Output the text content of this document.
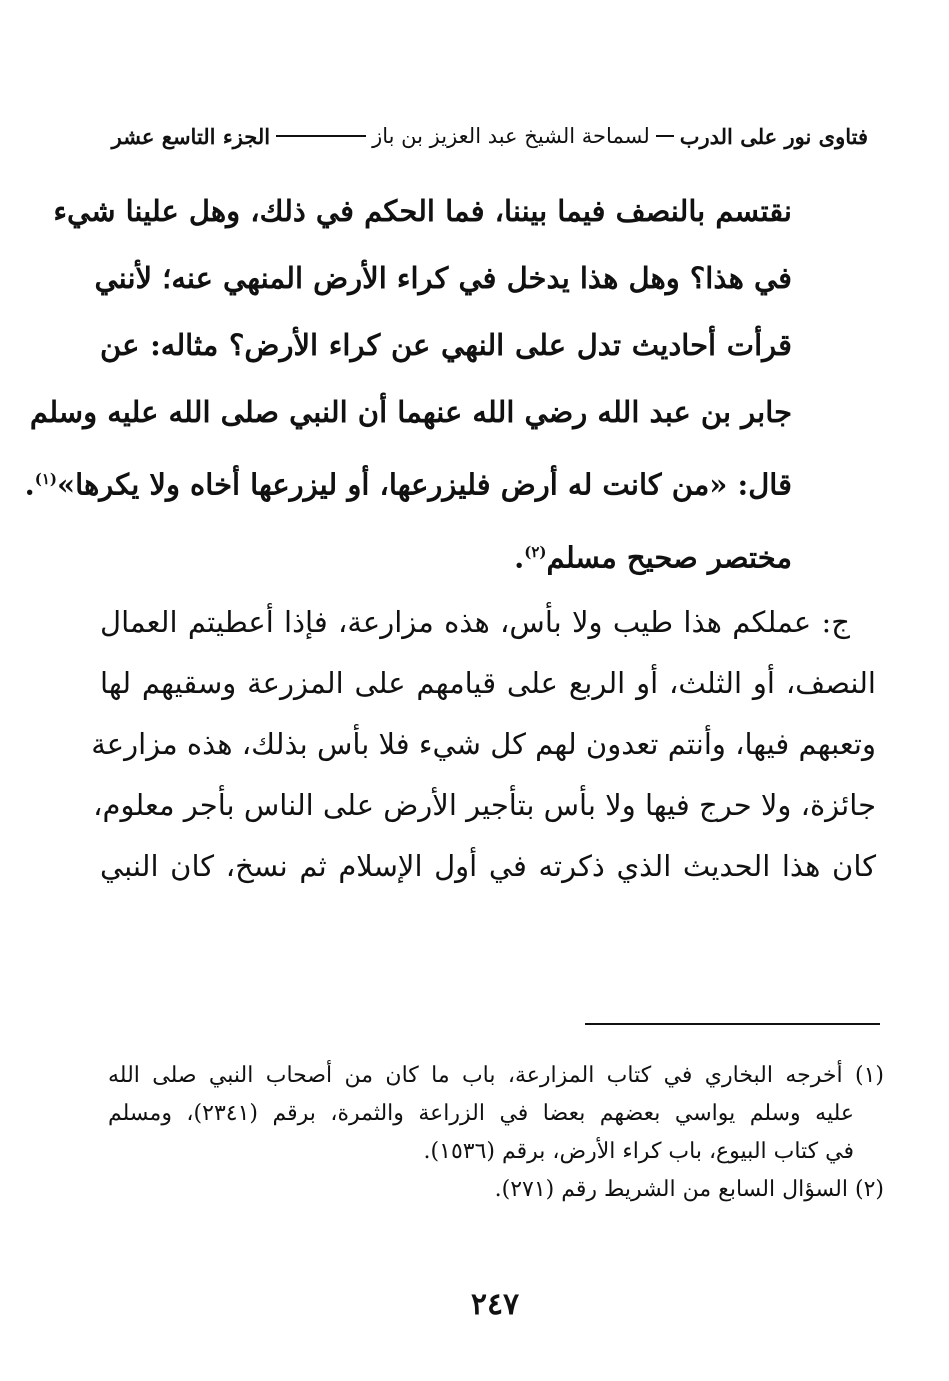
فتاوى نور على الدرب
لسماحة الشيخ عبد العزيز بن باز
الجزء التاسع عشر
نقتسم بالنصف فيما بيننا، فما الحكم في ذلك، وهل علينا شيء
في هذا؟ وهل هذا يدخل في كراء الأرض المنهي عنه؛ لأنني
قرأت أحاديث تدل على النهي عن كراء الأرض؟ مثاله: عن
جابر بن عبد الله رضي الله عنهما أن النبي صلى الله عليه وسلم
قال: «من كانت له أرض فليزرعها، أو ليزرعها أخاه ولا يكرها»$^{(١)}$.
مختصر صحيح مسلم$^{(٢)}$.
ج: عملكم هذا طيب ولا بأس، هذه مزارعة، فإذا أعطيتم العمال
النصف، أو الثلث، أو الربع على قيامهم على المزرعة وسقيهم لها
وتعبهم فيها، وأنتم تعدون لهم كل شيء فلا بأس بذلك، هذه مزارعة
جائزة، ولا حرج فيها ولا بأس بتأجير الأرض على الناس بأجر معلوم،
كان هذا الحديث الذي ذكرته في أول الإسلام ثم نسخ، كان النبي
(١) أخرجه البخاري في كتاب المزارعة، باب ما كان من أصحاب النبي صلى الله
عليه وسلم يواسي بعضهم بعضا في الزراعة والثمرة، برقم (٢٣٤١)، ومسلم
في كتاب البيوع، باب كراء الأرض، برقم (١٥٣٦).
(٢) السؤال السابع من الشريط رقم (٢٧١).
٢٤٧
